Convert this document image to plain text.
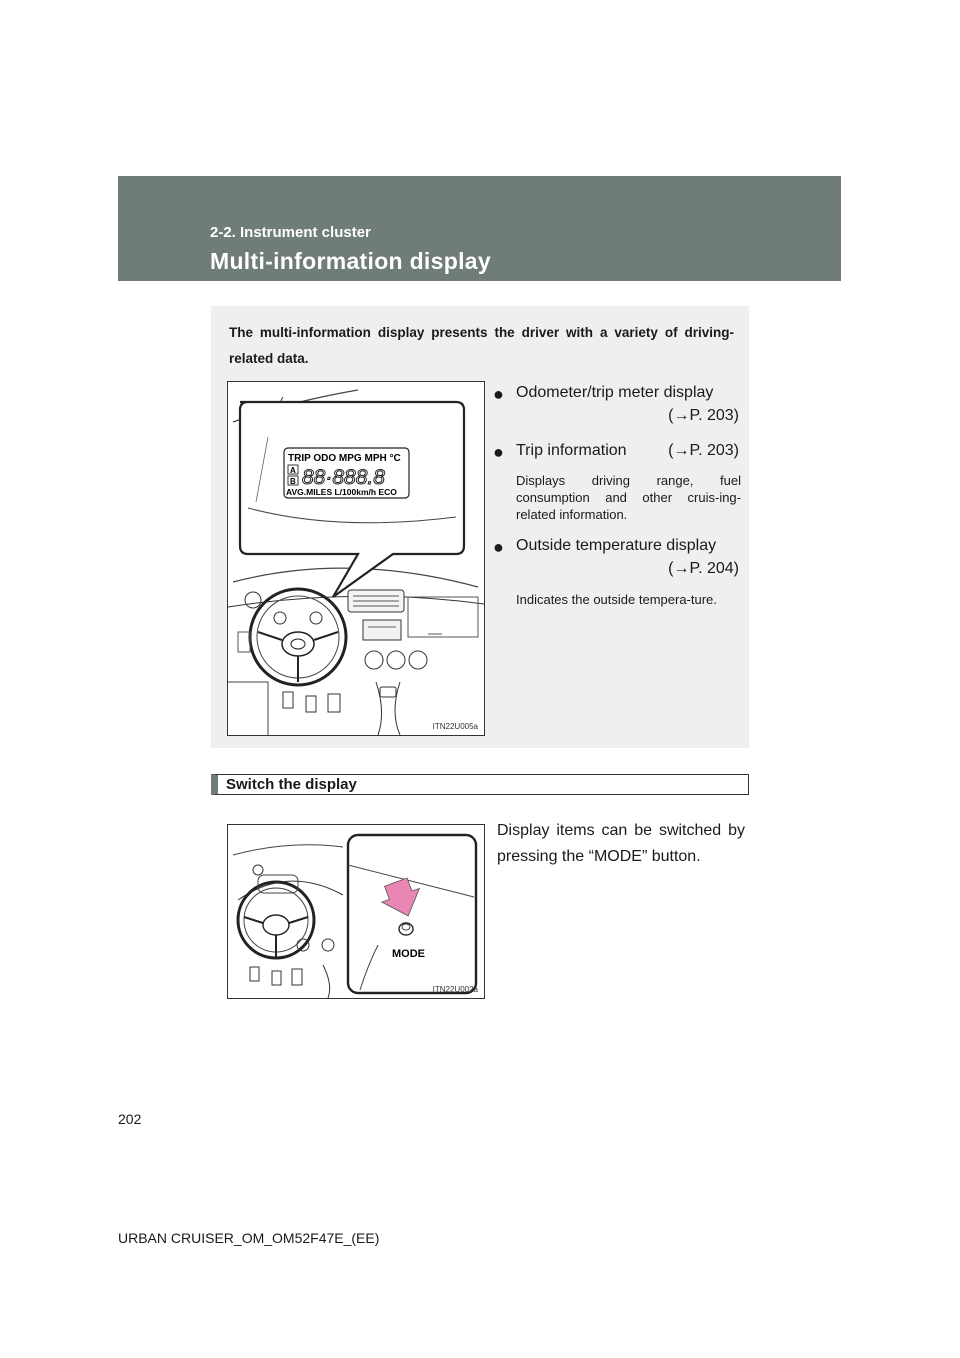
2-2. Instrument cluster

Multi-information display

The multi-information display presents the driver with a variety of driving-related data.

TRIP ODO MPG MPH °C
A
B 88·888.8
AVG.MILES L/100km/h ECO
ITN22U005a
● Odometer/trip meter display
(→P. 203)
● Trip information	(→P. 203)
Displays driving range, fuel consumption and other cruis-ing-related information.
● Outside temperature display
(→P. 204)
Indicates the outside tempera-ture.
Switch the display
MODE
ITN22U002a

Display items can be switched by pressing the “MODE” button.

202
URBAN CRUISER_OM_OM52F47E_(EE)
